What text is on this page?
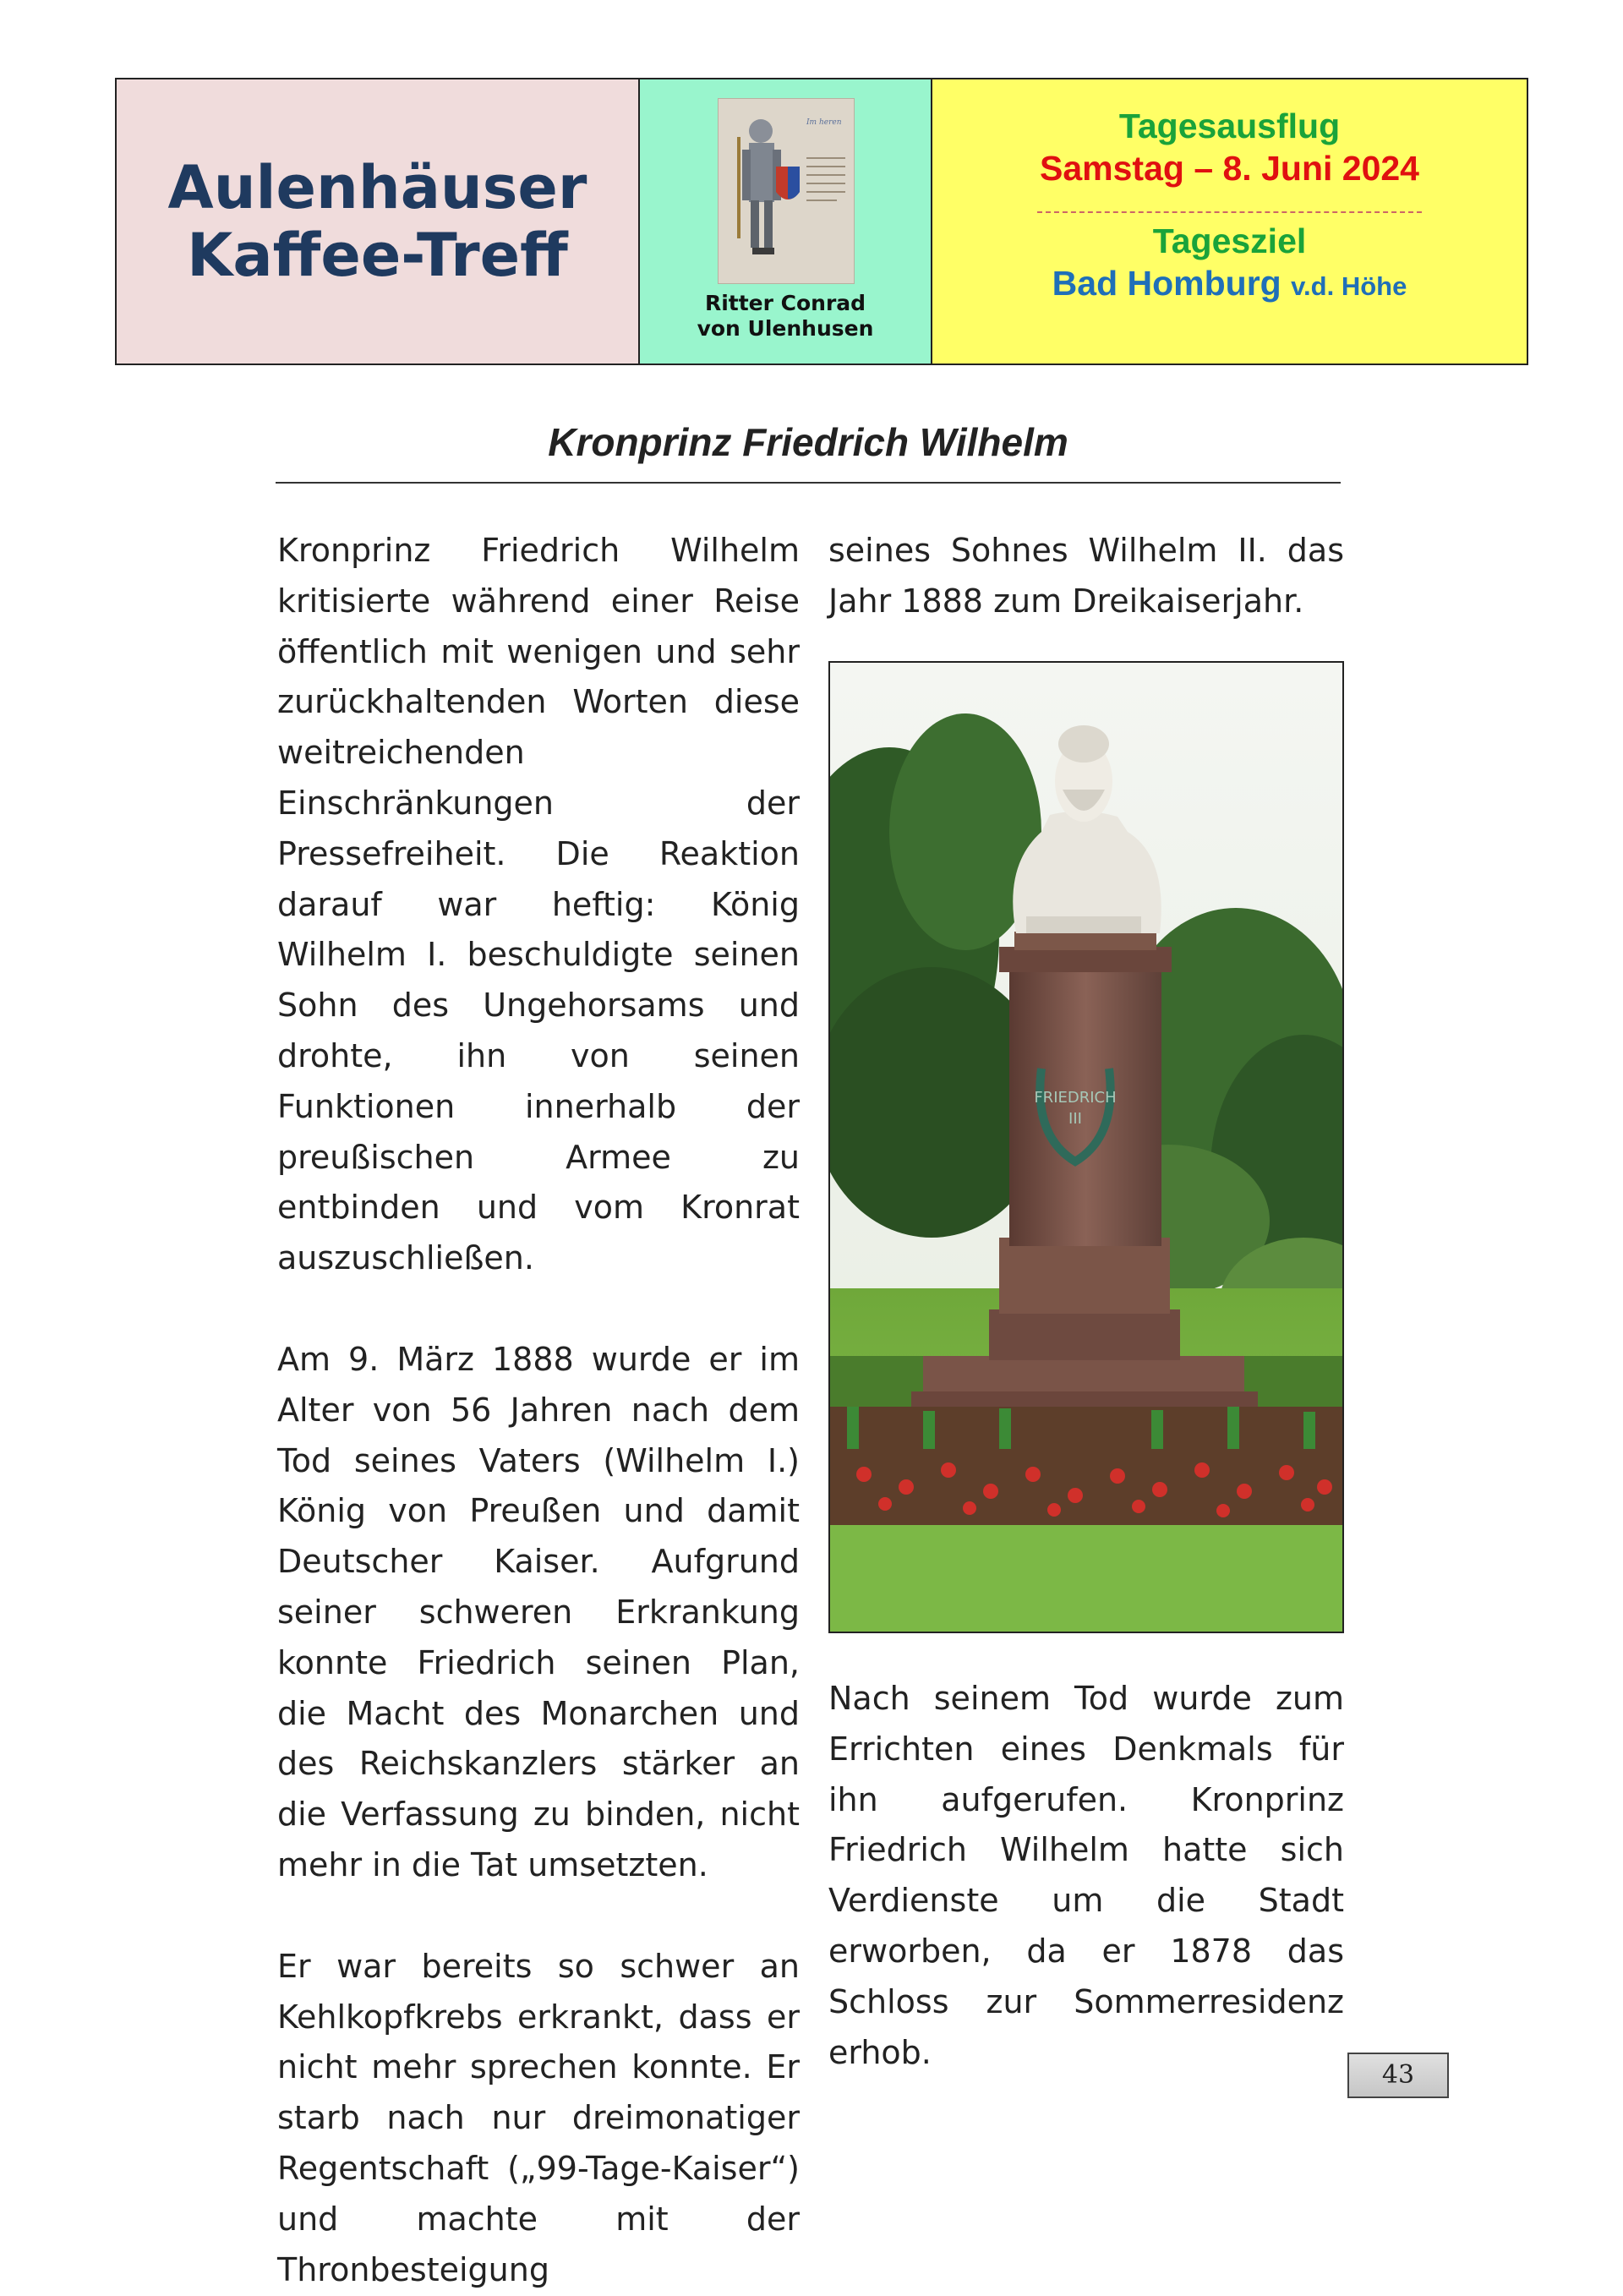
Aulenhäuser
Kaffee-Treff
Im heren
Ritter Conrad
von Ulenhusen
Tagesausflug
Samstag – 8. Juni 2024
Tagesziel
Bad Homburg v.d. Höhe
Kronprinz Friedrich Wilhelm

Kronprinz Friedrich Wilhelm kritisierte während einer Reise öffentlich mit wenigen und sehr zurückhaltenden Worten diese weitreichenden Einschränkungen der Pressefreiheit. Die Reaktion darauf war heftig: König Wilhelm I. beschuldigte seinen Sohn des Ungehorsams und drohte, ihn von seinen Funktionen innerhalb der preußischen Armee zu entbinden und vom Kronrat auszuschließen.

Am 9. März 1888 wurde er im Alter von 56 Jahren nach dem Tod seines Vaters (Wilhelm I.) König von Preußen und damit Deutscher Kaiser. Aufgrund seiner schweren Erkrankung konnte Friedrich seinen Plan, die Macht des Monarchen und des Reichskanzlers stärker an die Verfassung zu binden, nicht mehr in die Tat umsetzten.

Er war bereits so schwer an Kehlkopfkrebs erkrankt, dass er nicht mehr sprechen konnte. Er starb nach nur dreimonatiger Regentschaft („99-Tage-Kaiser“) und machte mit der Thronbesteigung

seines Sohnes Wilhelm II. das Jahr 1888 zum Dreikaiserjahr.

FRIEDRICH
III

Nach seinem Tod wurde zum Errichten eines Denkmals für ihn aufgerufen. Kronprinz Friedrich Wilhelm hatte sich Verdienste um die Stadt erworben, da er 1878 das Schloss zur Sommerresidenz erhob.

43
